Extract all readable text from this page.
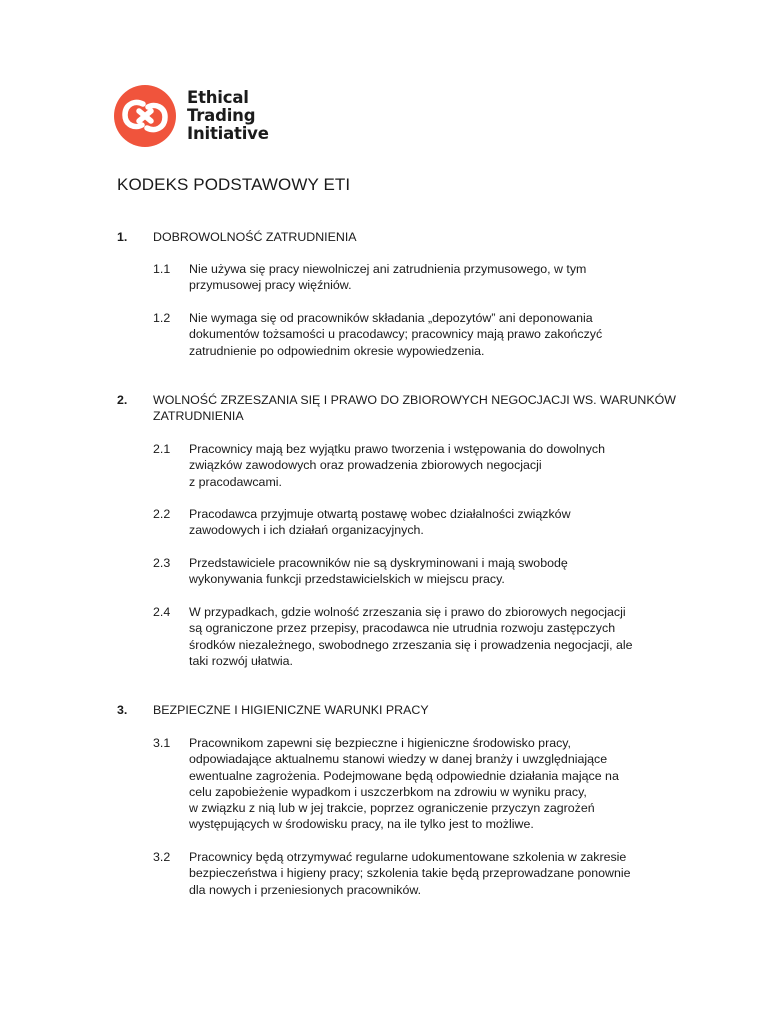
Ethical
Trading
Initiative
KODEKS PODSTAWOWY ETI
1. DOBROWOLNOŚĆ ZATRUDNIENIA
1.1 Nie używa się pracy niewolniczej ani zatrudnienia przymusowego, w tym
przymusowej pracy więźniów.
1.2 Nie wymaga się od pracowników składania „depozytów” ani deponowania
dokumentów tożsamości u pracodawcy; pracownicy mają prawo zakończyć
zatrudnienie po odpowiednim okresie wypowiedzenia.
2. WOLNOŚĆ ZRZESZANIA SIĘ I PRAWO DO ZBIOROWYCH NEGOCJACJI WS. WARUNKÓW
ZATRUDNIENIA
2.1 Pracownicy mają bez wyjątku prawo tworzenia i wstępowania do dowolnych
związków zawodowych oraz prowadzenia zbiorowych negocjacji
z pracodawcami.
2.2 Pracodawca przyjmuje otwartą postawę wobec działalności związków
zawodowych i ich działań organizacyjnych.
2.3 Przedstawiciele pracowników nie są dyskryminowani i mają swobodę
wykonywania funkcji przedstawicielskich w miejscu pracy.
2.4 W przypadkach, gdzie wolność zrzeszania się i prawo do zbiorowych negocjacji
są ograniczone przez przepisy, pracodawca nie utrudnia rozwoju zastępczych
środków niezależnego, swobodnego zrzeszania się i prowadzenia negocjacji, ale
taki rozwój ułatwia.
3. BEZPIECZNE I HIGIENICZNE WARUNKI PRACY
3.1 Pracownikom zapewni się bezpieczne i higieniczne środowisko pracy,
odpowiadające aktualnemu stanowi wiedzy w danej branży i uwzględniające
ewentualne zagrożenia. Podejmowane będą odpowiednie działania mające na
celu zapobieżenie wypadkom i uszczerbkom na zdrowiu w wyniku pracy,
w związku z nią lub w jej trakcie, poprzez ograniczenie przyczyn zagrożeń
występujących w środowisku pracy, na ile tylko jest to możliwe.
3.2 Pracownicy będą otrzymywać regularne udokumentowane szkolenia w zakresie
bezpieczeństwa i higieny pracy; szkolenia takie będą przeprowadzane ponownie
dla nowych i przeniesionych pracowników.
